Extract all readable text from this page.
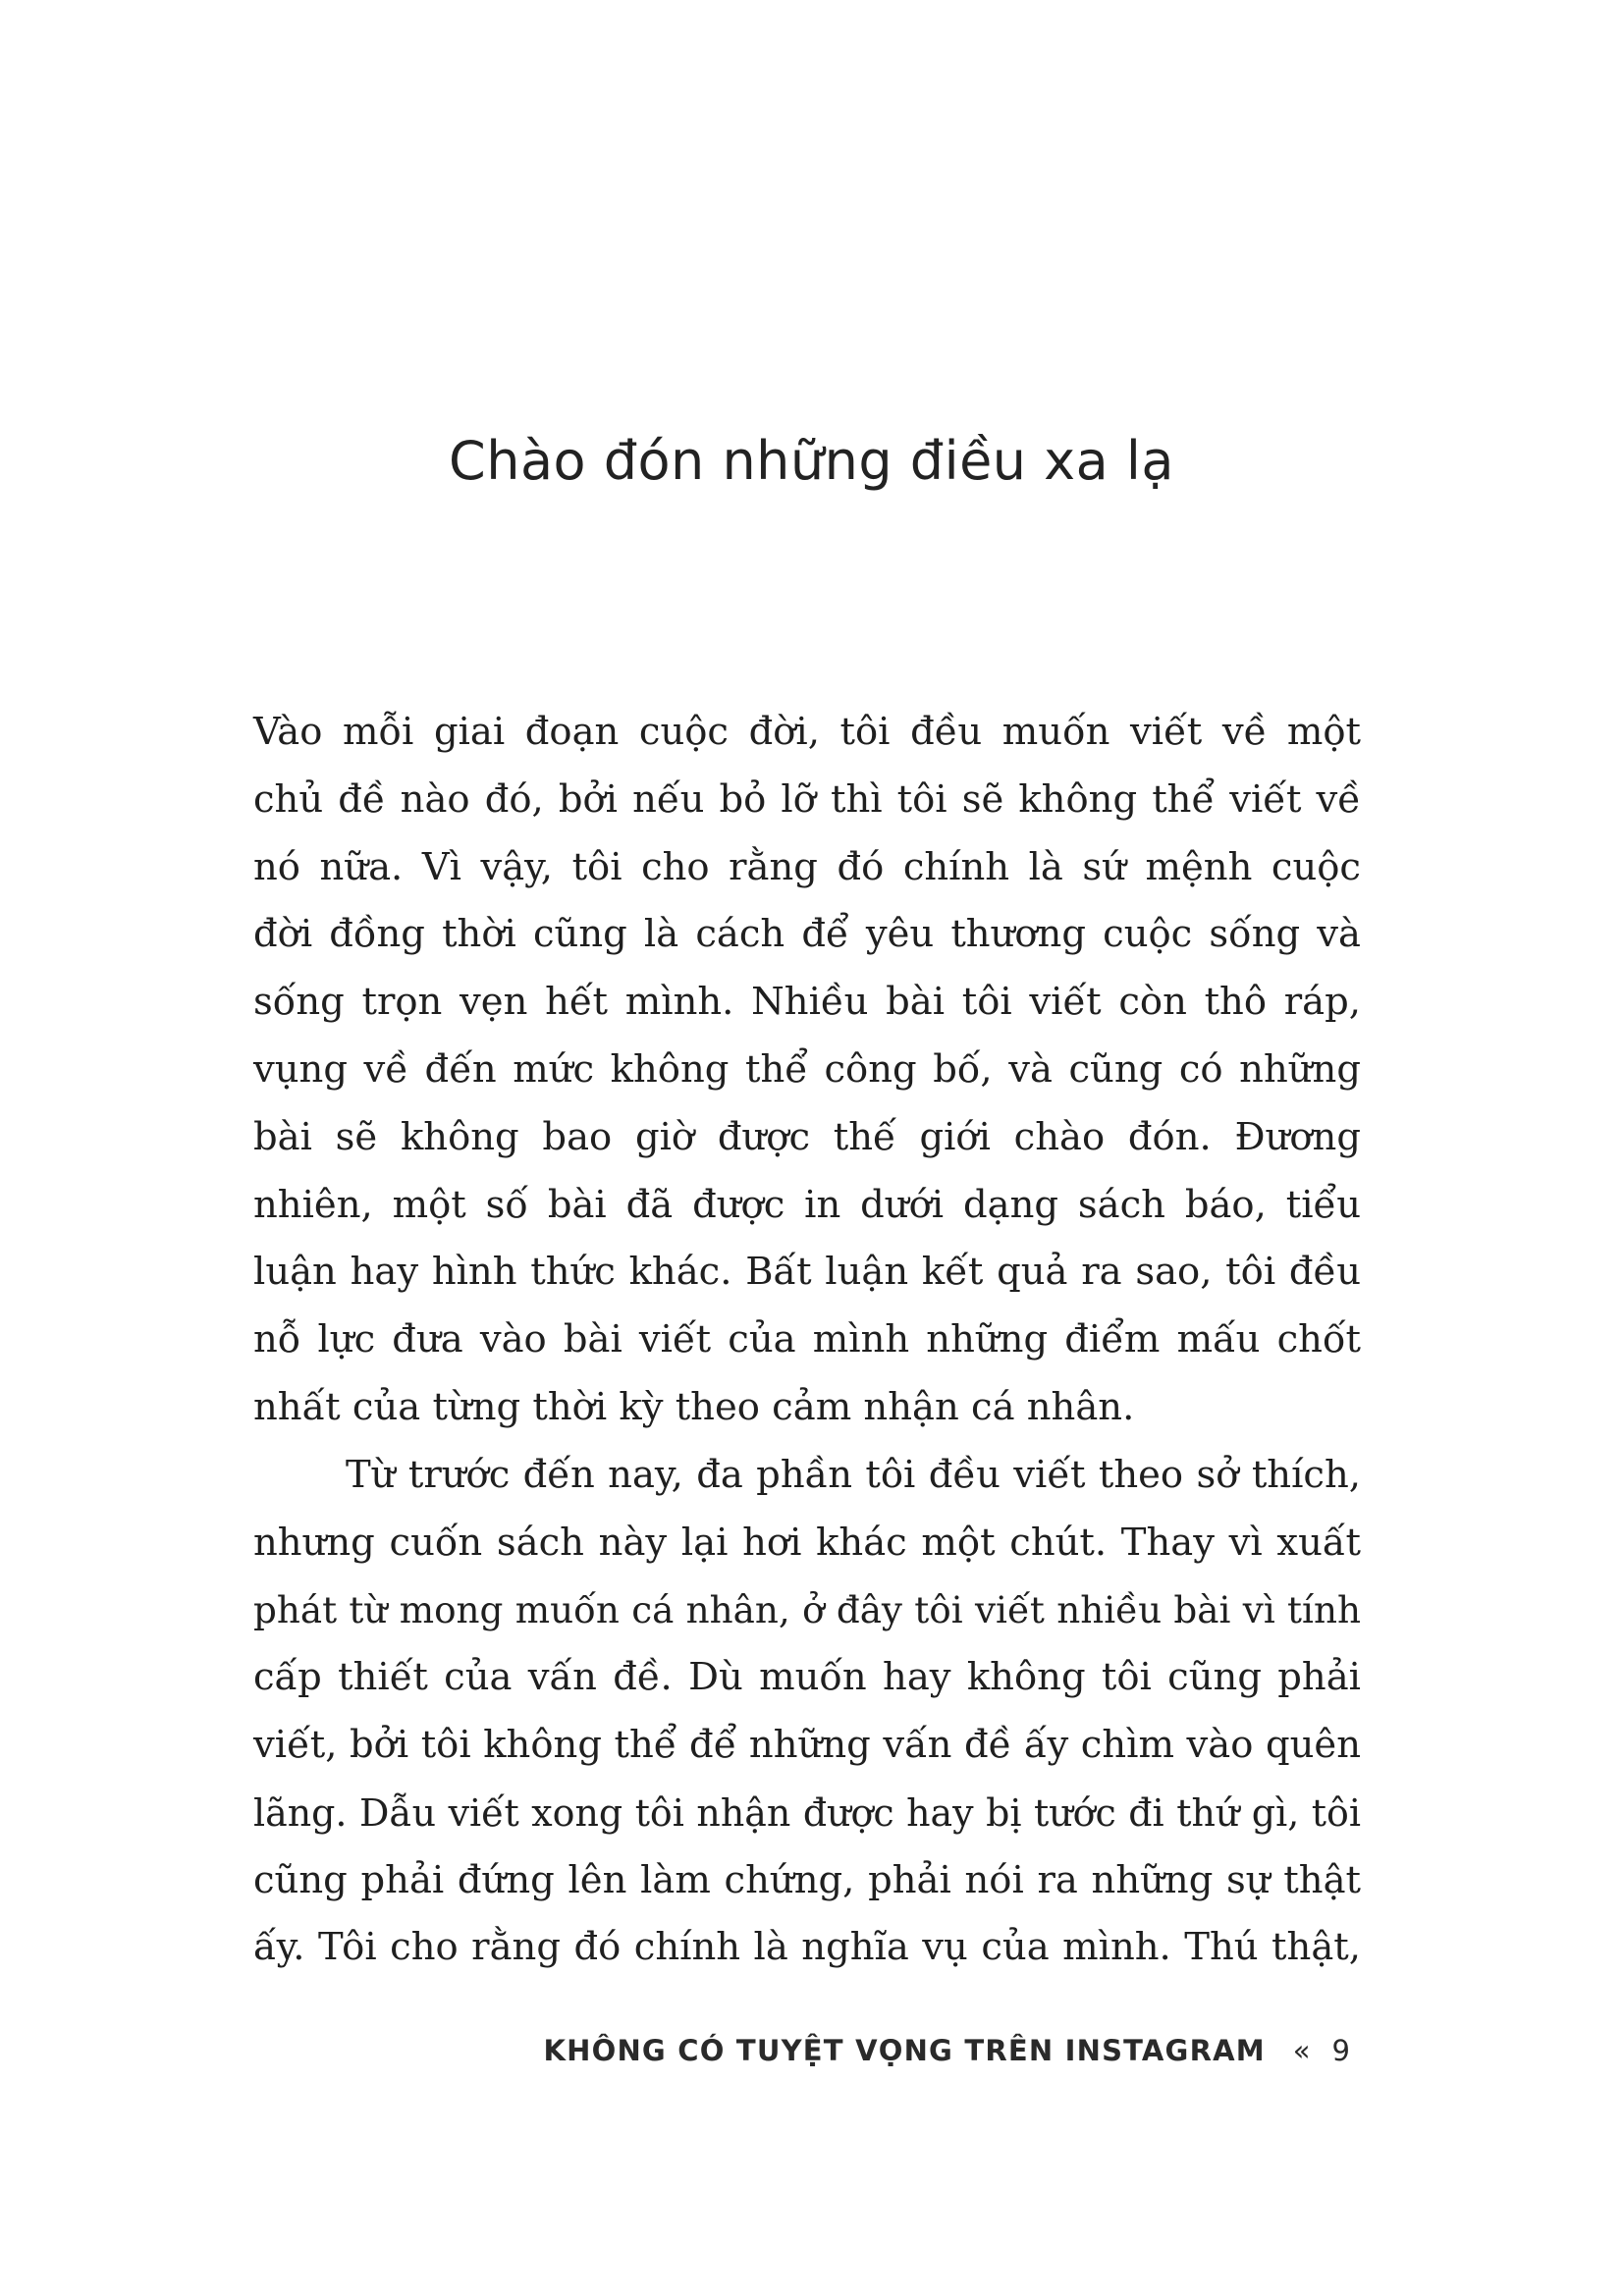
Chào đón những điều xa lạ
Vào mỗi giai đoạn cuộc đời, tôi đều muốn viết về một
chủ đề nào đó, bởi nếu bỏ lỡ thì tôi sẽ không thể viết về
nó nữa. Vì vậy, tôi cho rằng đó chính là sứ mệnh cuộc
đời đồng thời cũng là cách để yêu thương cuộc sống và
sống trọn vẹn hết mình. Nhiều bài tôi viết còn thô ráp,
vụng về đến mức không thể công bố, và cũng có những
bài sẽ không bao giờ được thế giới chào đón. Đương
nhiên, một số bài đã được in dưới dạng sách báo, tiểu
luận hay hình thức khác. Bất luận kết quả ra sao, tôi đều
nỗ lực đưa vào bài viết của mình những điểm mấu chốt
nhất của từng thời kỳ theo cảm nhận cá nhân.
Từ trước đến nay, đa phần tôi đều viết theo sở thích,
nhưng cuốn sách này lại hơi khác một chút. Thay vì xuất
phát từ mong muốn cá nhân, ở đây tôi viết nhiều bài vì tính
cấp thiết của vấn đề. Dù muốn hay không tôi cũng phải
viết, bởi tôi không thể để những vấn đề ấy chìm vào quên
lãng. Dẫu viết xong tôi nhận được hay bị tước đi thứ gì, tôi
cũng phải đứng lên làm chứng, phải nói ra những sự thật
ấy. Tôi cho rằng đó chính là nghĩa vụ của mình. Thú thật,
KHÔNG CÓ TUYỆT VỌNG TRÊN INSTAGRAM « 9
